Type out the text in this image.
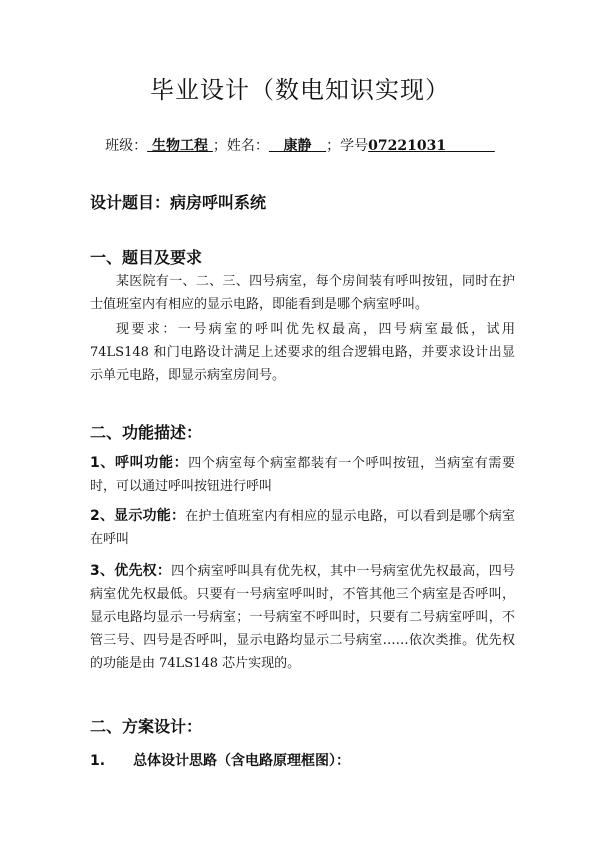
毕业设计（数电知识实现）
班级： 生物工程 ；姓名： 康静 ；学号07221031
设计题目：病房呼叫系统
一、题目及要求
某医院有一、二、三、四号病室，每个房间装有呼叫按钮，同时在护士值班室内有相应的显示电路，即能看到是哪个病室呼叫。
现要求：一号病室的呼叫优先权最高，四号病室最低，试用 74LS148 和门电路设计满足上述要求的组合逻辑电路，并要求设计出显示单元电路，即显示病室房间号。
二、功能描述：
1、呼叫功能：四个病室每个病室都装有一个呼叫按钮，当病室有需要时，可以通过呼叫按钮进行呼叫
2、显示功能：在护士值班室内有相应的显示电路，可以看到是哪个病室在呼叫
3、优先权：四个病室呼叫具有优先权，其中一号病室优先权最高，四号病室优先权最低。只要有一号病室呼叫时，不管其他三个病室是否呼叫，显示电路均显示一号病室；一号病室不呼叫时，只要有二号病室呼叫，不管三号、四号是否呼叫，显示电路均显示二号病室……依次类推。优先权的功能是由 74LS148 芯片实现的。
二、方案设计：
1. 总体设计思路（含电路原理框图）：
